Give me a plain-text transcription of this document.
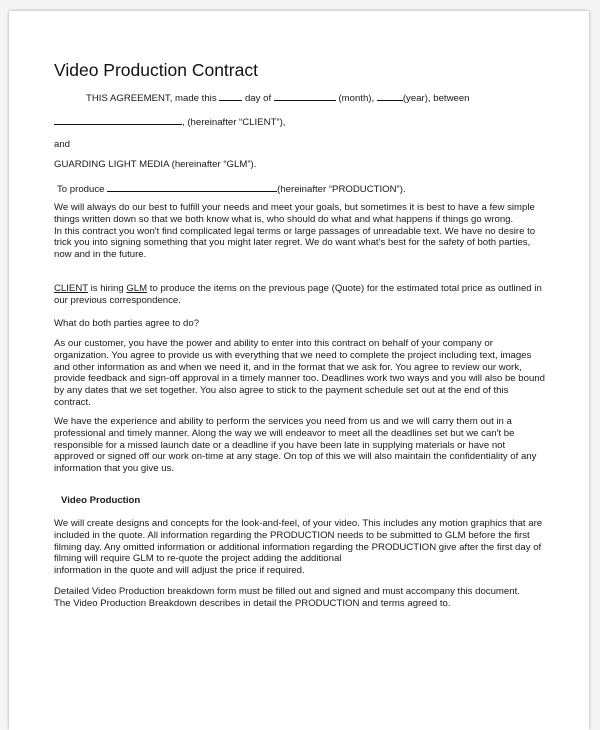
Video Production Contract
THIS AGREEMENT, made this	day of	(month),	(year), between
, (hereinafter “CLIENT”),
and
GUARDING LIGHT MEDIA (hereinafter “GLM”).
To produce	(hereinafter “PRODUCTION”).
We will always do our best to fulfill your needs and meet your goals, but sometimes it is best to have a few simple
things written down so that we both know what is, who should do what and what happens if things go wrong.
In this contract you won't find complicated legal terms or large passages of unreadable text. We have no desire to
trick you into signing something that you might later regret. We do want what's best for the safety of both parties,
now and in the future.
CLIENT is hiring GLM to produce the items on the previous page (Quote) for the estimated total price as outlined in
our previous correspondence.
What do both parties agree to do?
As our customer, you have the power and ability to enter into this contract on behalf of your company or
organization. You agree to provide us with everything that we need to complete the project including text, images
and other information as and when we need it, and in the format that we ask for. You agree to review our work,
provide feedback and sign-off approval in a timely manner too. Deadlines work two ways and you will also be bound
by any dates that we set together. You also agree to stick to the payment schedule set out at the end of this
contract.
We have the experience and ability to perform the services you need from us and we will carry them out in a
professional and timely manner. Along the way we will endeavor to meet all the deadlines set but we can't be
responsible for a missed launch date or a deadline if you have been late in supplying materials or have not
approved or signed off our work on-time at any stage. On top of this we will also maintain the confidentiality of any
information that you give us.
Video Production
We will create designs and concepts for the look-and-feel, of your video. This includes any motion graphics that are
included in the quote. All information regarding the PRODUCTION needs to be submitted to GLM before the first
filming day. Any omitted information or additional information regarding the PRODUCTION give after the first day of
filming will require GLM to re-quote the project adding the additional
information in the quote and will adjust the price if required.
Detailed Video Production breakdown form must be filled out and signed and must accompany this document.
The Video Production Breakdown describes in detail the PRODUCTION and terms agreed to.
